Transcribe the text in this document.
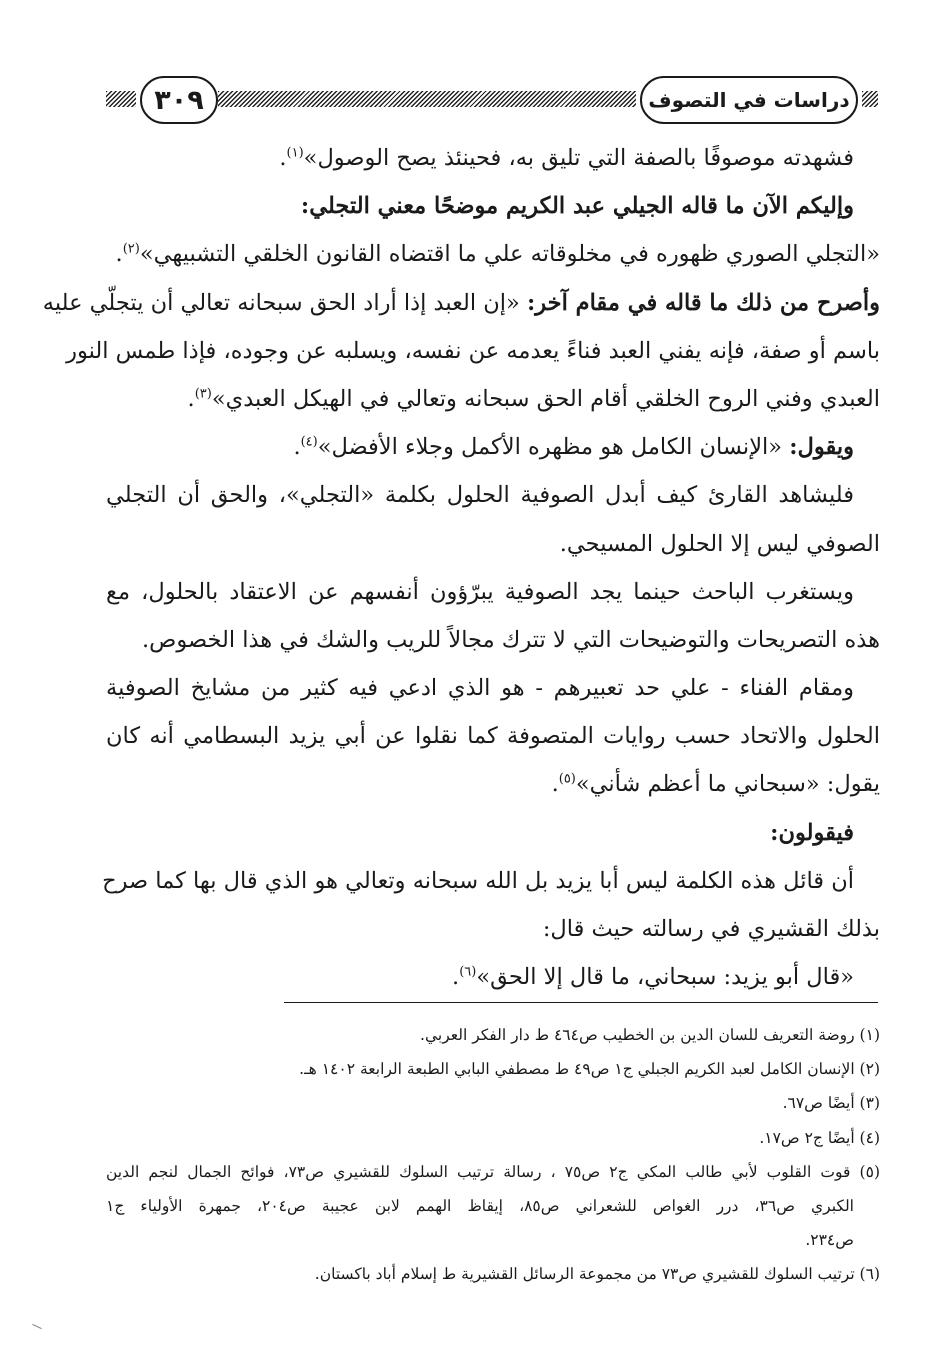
٣٠٩	دراسات في التصوف
فشهدته موصوفًا بالصفة التي تليق به، فحينئذ يصح الوصول»$^{(١)}$.
وإليكم الآن ما قاله الجيلي عبد الكريم موضحًا معني التجلي:
«التجلي الصوري ظهوره في مخلوقاته علي ما اقتضاه القانون الخلقي التشبيهي»$^{(٢)}$.
وأصرح من ذلك ما قاله في مقام آخر: «إن العبد إذا أراد الحق سبحانه تعالي أن يتجلّي عليه
باسم أو صفة، فإنه يفني العبد فناءً يعدمه عن نفسه، ويسلبه عن وجوده، فإذا طمس النور
العبدي وفني الروح الخلقي أقام الحق سبحانه وتعالي في الهيكل العبدي»$^{(٣)}$.
ويقول: «الإنسان الكامل هو مظهره الأكمل وجلاء الأفضل»$^{(٤)}$.
فليشاهد القارئ كيف أبدل الصوفية الحلول بكلمة «التجلي»، والحق أن التجلي
الصوفي ليس إلا الحلول المسيحي.
ويستغرب الباحث حينما يجد الصوفية يبرّؤون أنفسهم عن الاعتقاد بالحلول، مع
هذه التصريحات والتوضيحات التي لا تترك مجالاً للريب والشك في هذا الخصوص.
ومقام الفناء - علي حد تعبيرهم - هو الذي ادعي فيه كثير من مشايخ الصوفية
الحلول والاتحاد حسب روايات المتصوفة كما نقلوا عن أبي يزيد البسطامي أنه كان
يقول: «سبحاني ما أعظم شأني»$^{(٥)}$.
فيقولون:
أن قائل هذه الكلمة ليس أبا يزيد بل الله سبحانه وتعالي هو الذي قال بها كما صرح
بذلك القشيري في رسالته حيث قال:
«قال أبو يزيد: سبحاني، ما قال إلا الحق»$^{(٦)}$.
(١) روضة التعريف للسان الدين بن الخطيب ص٤٦٤ ط دار الفكر العربي.
(٢) الإنسان الكامل لعبد الكريم الجبلي ج١ ص٤٩ ط مصطفي البابي الطبعة الرابعة ١٤٠٢ هـ.
(٣) أيضًا ص٦٧.
(٤) أيضًا ج٢ ص١٧.
(٥) قوت القلوب لأبي طالب المكي ج٢ ص٧٥ ، رسالة ترتيب السلوك للقشيري ص٧٣، فوائح الجمال لنجم الدين
الكبري ص٣٦، درر الغواص للشعراني ص٨٥، إيقاظ الهمم لابن عجيبة ص٢٠٤، جمهرة الأولياء ج١
ص٢٣٤.
(٦) ترتيب السلوك للقشيري ص٧٣ من مجموعة الرسائل القشيرية ط إسلام أباد باكستان.
